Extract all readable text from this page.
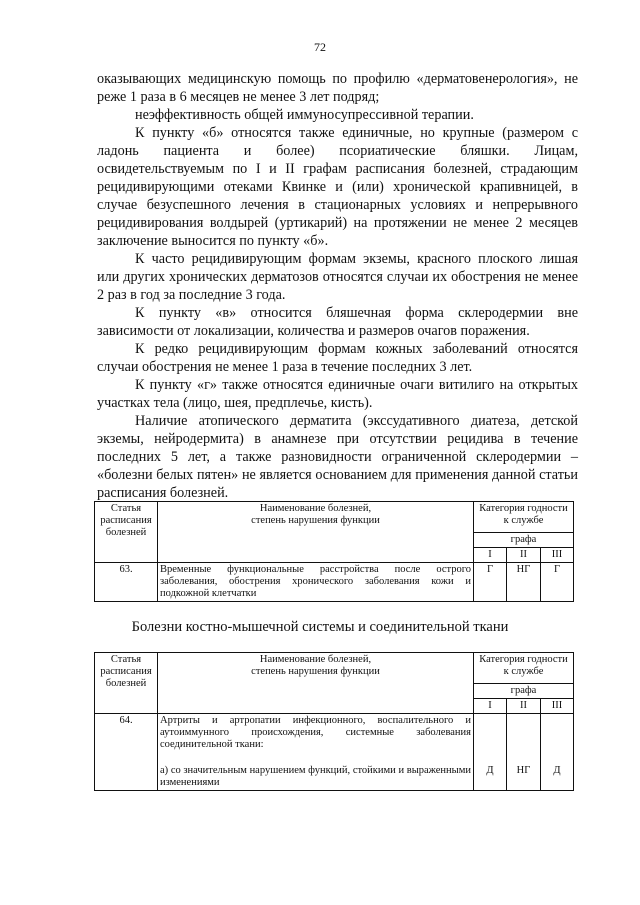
72

оказывающих медицинскую помощь по профилю «дерматовенерология», не реже 1 раза в 6 месяцев не менее 3 лет подряд;

неэффективность общей иммуносупрессивной терапии.

К пункту «б» относятся также единичные, но крупные (размером с ладонь пациента и более) псориатические бляшки. Лицам, освидетельствуемым по I и II графам расписания болезней, страдающим рецидивирующими отеками Квинке и (или) хронической крапивницей, в случае безуспешного лечения в стационарных условиях и непрерывного рецидивирования волдырей (уртикарий) на протяжении не менее 2 месяцев заключение выносится по пункту «б».

К часто рецидивирующим формам экземы, красного плоского лишая или других хронических дерматозов относятся случаи их обострения не менее 2 раз в год за последние 3 года.

К пункту «в» относится бляшечная форма склеродермии вне зависимости от локализации, количества и размеров очагов поражения.

К редко рецидивирующим формам кожных заболеваний относятся случаи обострения не менее 1 раза в течение последних 3 лет.

К пункту «г» также относятся единичные очаги витилиго на открытых участках тела (лицо, шея, предплечье, кисть).

Наличие атопического дерматита (экссудативного диатеза, детской экземы, нейродермита) в анамнезе при отсутствии рецидива в течение последних 5 лет, а также разновидности ограниченной склеродермии – «болезни белых пятен» не является основанием для применения данной статьи расписания болезней.

Статья расписания болезней	Наименование болезней,
степень нарушения функции	Категория годности к службе		
		графа		
		I	II	III
63.	Временные функциональные расстройства после острого заболевания, обострения хронического заболевания кожи и подкожной клетчатки	Г	НГ	Г
Болезни костно-мышечной системы и соединительной ткани
Статья расписания болезней	Наименование болезней,
степень нарушения функции	Категория годности к службе		
		графа		
		I	II	III
64.	Артриты и артропатии инфекционного, воспалительного и аутоиммунного происхождения, системные заболевания соединительной ткани:
а) со значительным нарушением функций, стойкими и выраженными изменениями	Д	НГ	Д
